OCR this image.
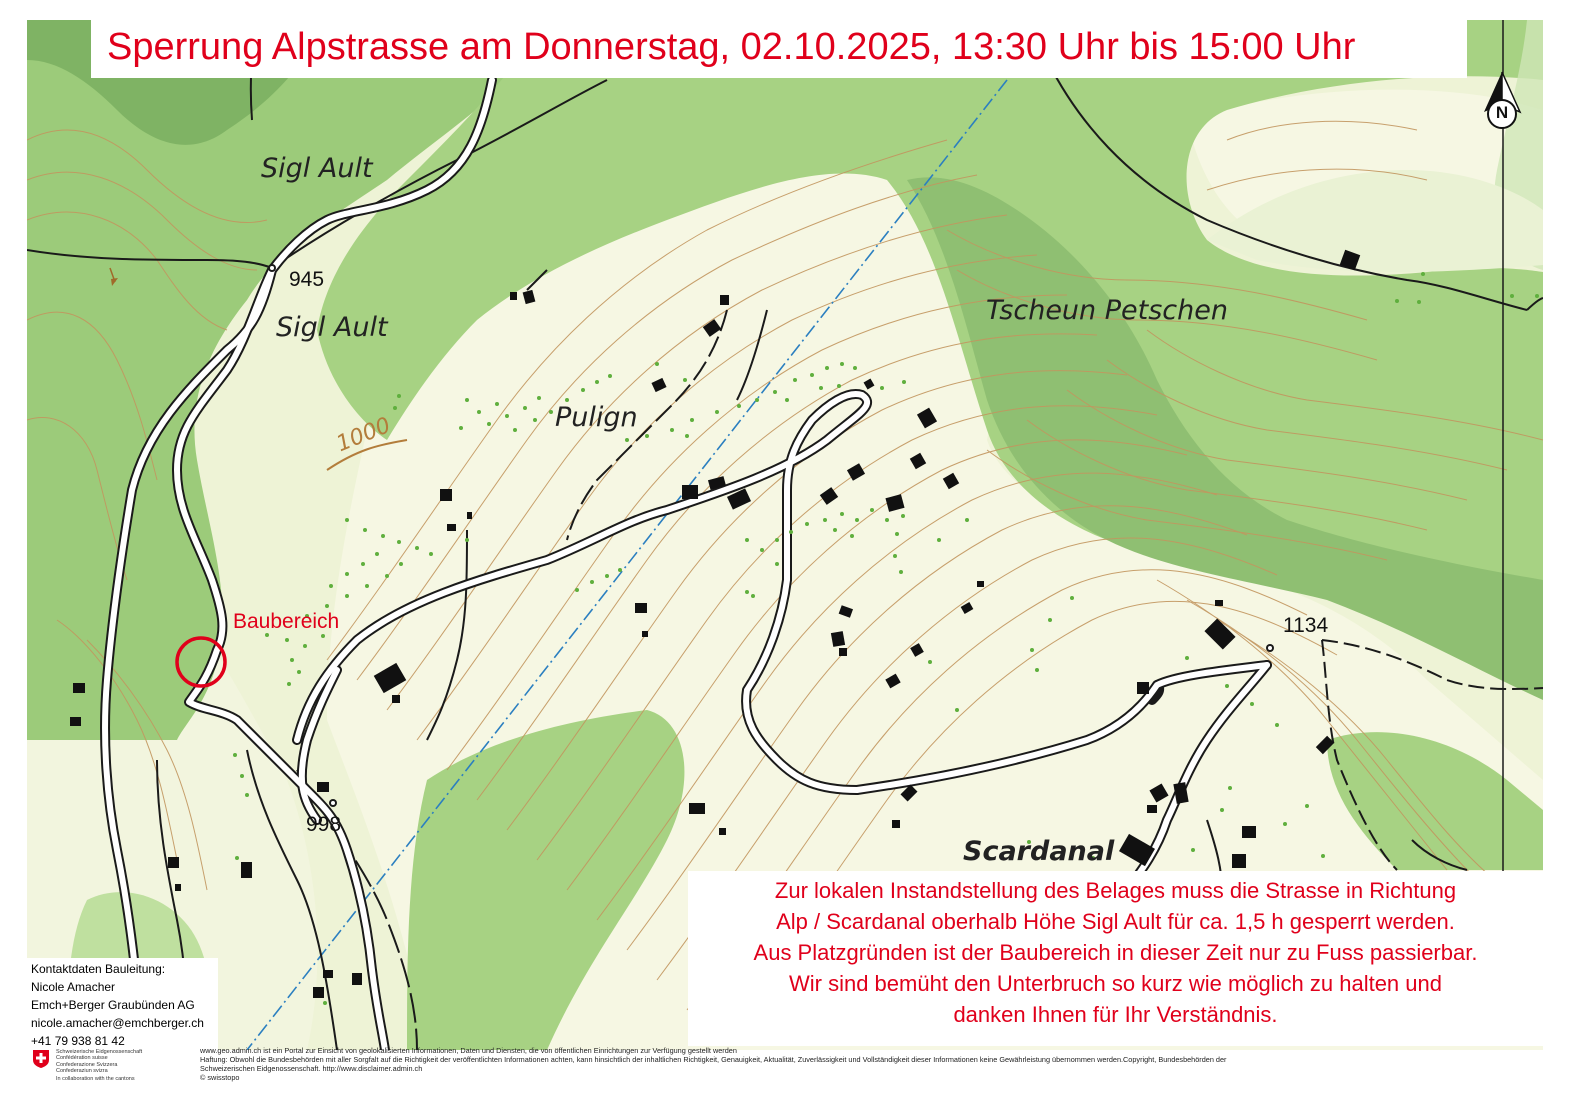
Sigl Ault
Sigl Ault
Tscheun Petschen
Pulign
Scardanal
1000
945
998
1134
Baubereich
N
Sperrung Alpstrasse am Donnerstag, 02.10.2025, 13:30 Uhr bis 15:00 Uhr
Zur lokalen Instandstellung des Belages muss die Strasse in Richtung
Alp / Scardanal oberhalb Höhe Sigl Ault für ca. 1,5 h gesperrt werden.
Aus Platzgründen ist der Baubereich in dieser Zeit nur zu Fuss passierbar.
Wir sind bemüht den Unterbruch so kurz wie möglich zu halten und
danken Ihnen für Ihr Verständnis.
Kontaktdaten Bauleitung:
Nicole Amacher
Emch+Berger Graubünden AG
nicole.amacher@emchberger.ch
+41 79 938 81 42
Schweizerische Eidgenossenschaft
Confédération suisse
Confederazione Svizzera
Confederaziun svizra
In collaboration with the cantons
www.geo.admin.ch ist ein Portal zur Einsicht von geolokalisierten Informationen, Daten und Diensten, die von öffentlichen Einrichtungen zur Verfügung gestellt werden
Haftung: Obwohl die Bundesbehörden mit aller Sorgfalt auf die Richtigkeit der veröffentlichten Informationen achten, kann hinsichtlich der inhaltlichen Richtigkeit, Genauigkeit, Aktualität, Zuverlässigkeit und Vollständigkeit dieser Informationen keine Gewährleistung übernommen werden.Copyright, Bundesbehörden der
Schweizerischen Eidgenossenschaft. http://www.disclaimer.admin.ch
© swisstopo
